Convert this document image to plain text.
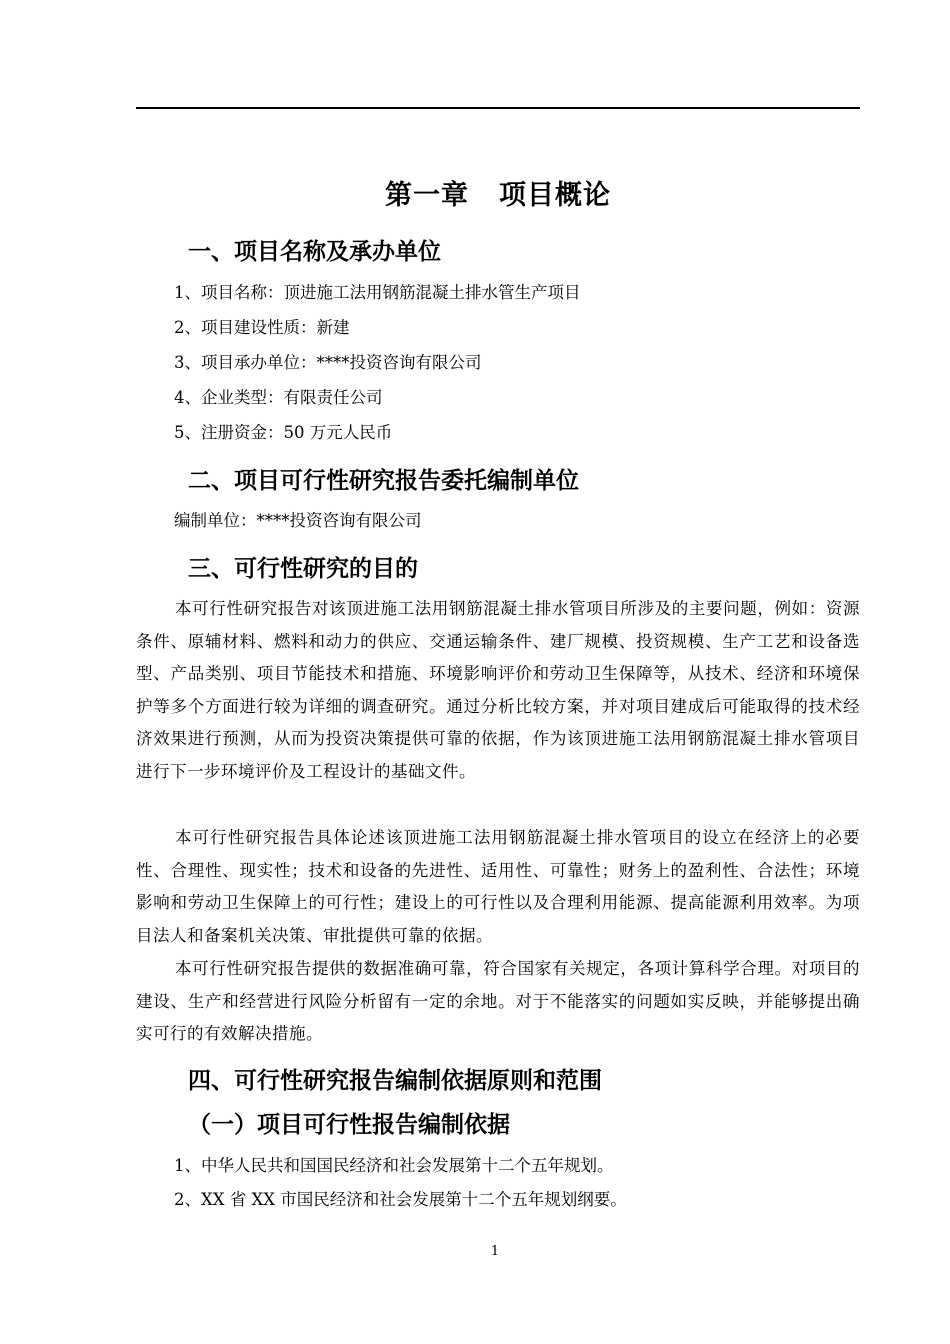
第一章 项目概论
一、项目名称及承办单位
1、项目名称：顶进施工法用钢筋混凝土排水管生产项目
2、项目建设性质：新建
3、项目承办单位：****投资咨询有限公司
4、企业类型：有限责任公司
5、注册资金：50 万元人民币
二、项目可行性研究报告委托编制单位
编制单位：****投资咨询有限公司
三、可行性研究的目的
本可行性研究报告对该顶进施工法用钢筋混凝土排水管项目所涉及的主要问题，例如：资源条件、原辅材料、燃料和动力的供应、交通运输条件、建厂规模、投资规模、生产工艺和设备选型、产品类别、项目节能技术和措施、环境影响评价和劳动卫生保障等，从技术、经济和环境保护等多个方面进行较为详细的调查研究。通过分析比较方案，并对项目建成后可能取得的技术经济效果进行预测，从而为投资决策提供可靠的依据，作为该顶进施工法用钢筋混凝土排水管项目进行下一步环境评价及工程设计的基础文件。
本可行性研究报告具体论述该顶进施工法用钢筋混凝土排水管项目的设立在经济上的必要性、合理性、现实性；技术和设备的先进性、适用性、可靠性；财务上的盈利性、合法性；环境影响和劳动卫生保障上的可行性；建设上的可行性以及合理利用能源、提高能源利用效率。为项目法人和备案机关决策、审批提供可靠的依据。
本可行性研究报告提供的数据准确可靠，符合国家有关规定，各项计算科学合理。对项目的建设、生产和经营进行风险分析留有一定的余地。对于不能落实的问题如实反映，并能够提出确实可行的有效解决措施。
四、可行性研究报告编制依据原则和范围
（一）项目可行性报告编制依据
1、中华人民共和国国民经济和社会发展第十二个五年规划。
2、XX 省 XX 市国民经济和社会发展第十二个五年规划纲要。
1
